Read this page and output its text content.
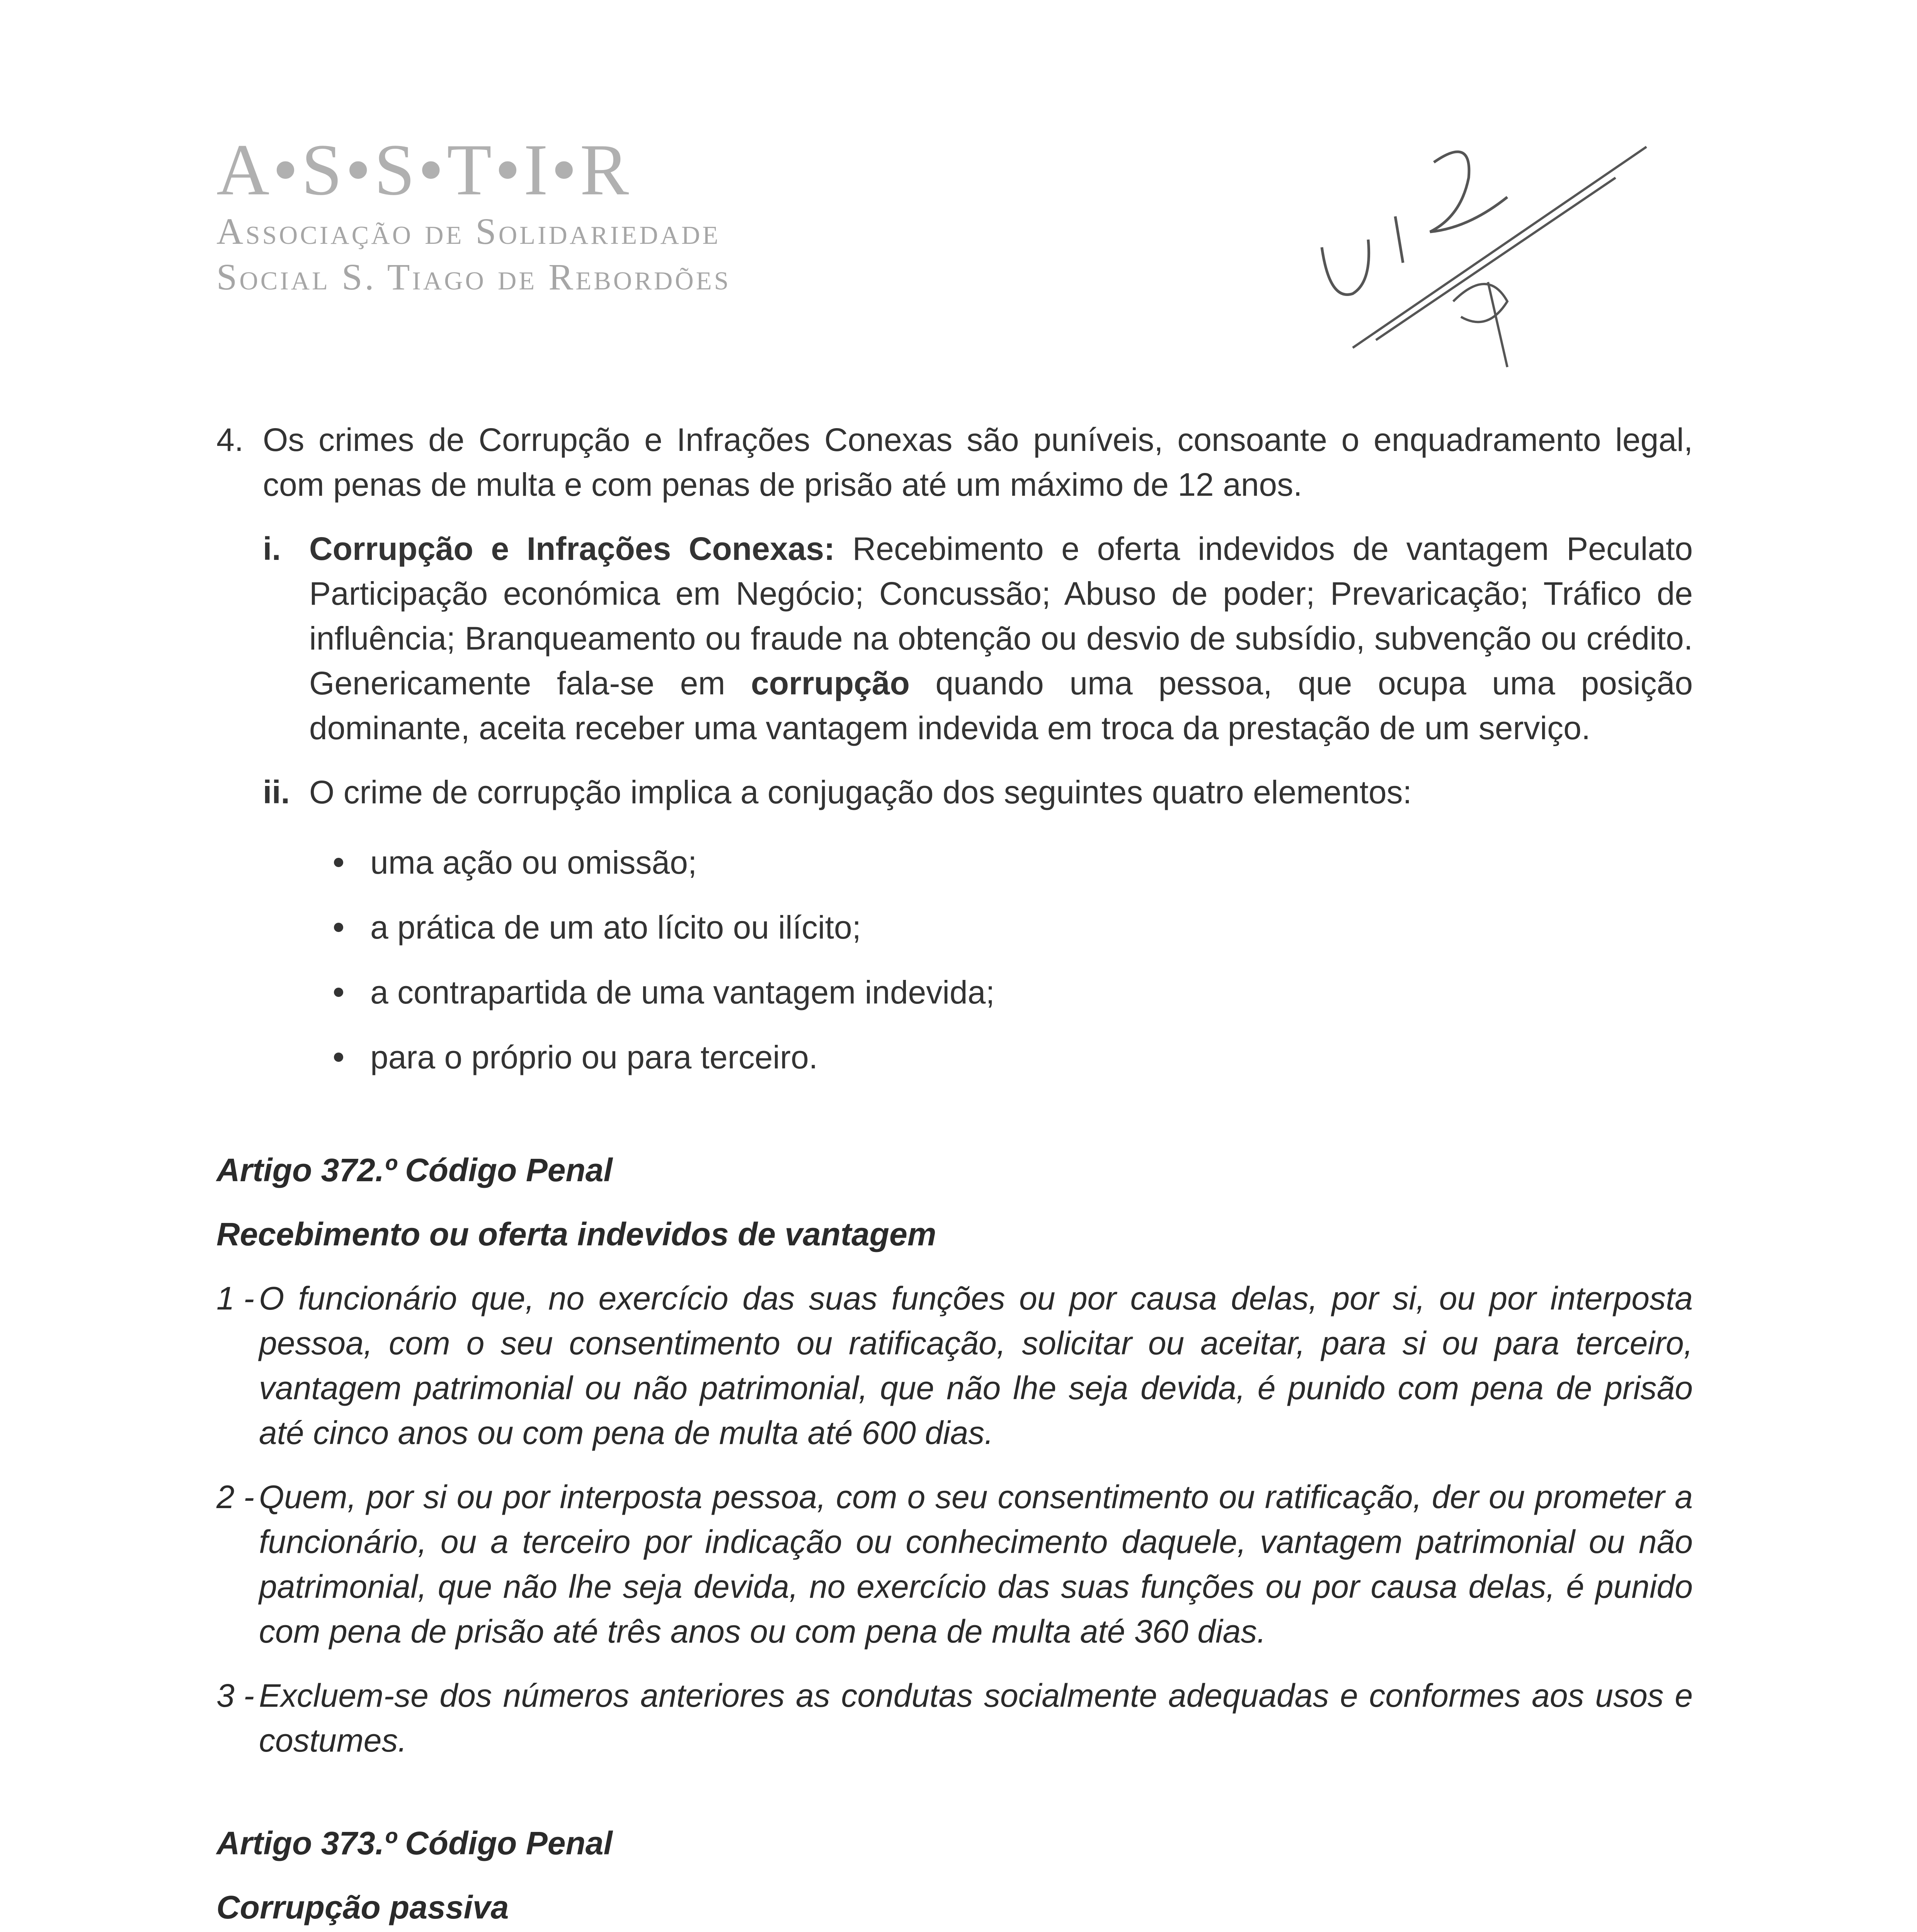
A•S•S•T•I•R
Associação de Solidariedade
Social S. Tiago de Rebordões
4. Os crimes de Corrupção e Infrações Conexas são puníveis, consoante o enquadramento legal, com penas de multa e com penas de prisão até um máximo de 12 anos.
i. Corrupção e Infrações Conexas: Recebimento e oferta indevidos de vantagem Peculato Participação económica em Negócio; Concussão; Abuso de poder; Prevaricação; Tráfico de influência; Branqueamento ou fraude na obtenção ou desvio de subsídio, subvenção ou crédito. Genericamente fala-se em corrupção quando uma pessoa, que ocupa uma posição dominante, aceita receber uma vantagem indevida em troca da prestação de um serviço.
ii. O crime de corrupção implica a conjugação dos seguintes quatro elementos:
uma ação ou omissão;
a prática de um ato lícito ou ilícito;
a contrapartida de uma vantagem indevida;
para o próprio ou para terceiro.
Artigo 372.º Código Penal
Recebimento ou oferta indevidos de vantagem
1 - O funcionário que, no exercício das suas funções ou por causa delas, por si, ou por interposta pessoa, com o seu consentimento ou ratificação, solicitar ou aceitar, para si ou para terceiro, vantagem patrimonial ou não patrimonial, que não lhe seja devida, é punido com pena de prisão até cinco anos ou com pena de multa até 600 dias.
2 - Quem, por si ou por interposta pessoa, com o seu consentimento ou ratificação, der ou prometer a funcionário, ou a terceiro por indicação ou conhecimento daquele, vantagem patrimonial ou não patrimonial, que não lhe seja devida, no exercício das suas funções ou por causa delas, é punido com pena de prisão até três anos ou com pena de multa até 360 dias.
3 - Excluem-se dos números anteriores as condutas socialmente adequadas e conformes aos usos e costumes.
Artigo 373.º Código Penal
Corrupção passiva
